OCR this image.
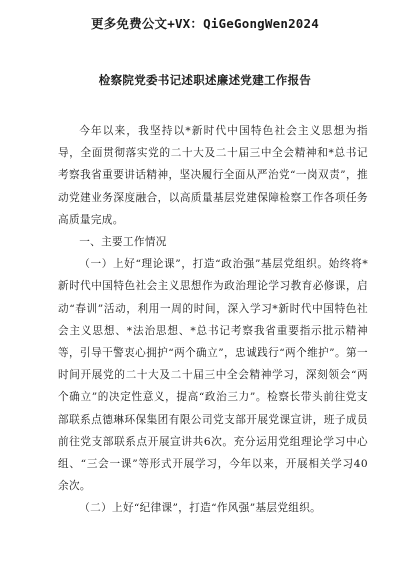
更多免费公文+VX：QiGeGongWen2024
检察院党委书记述职述廉述党建工作报告

今年以来，我坚持以*新时代中国特色社会主义思想为指导，全面贯彻落实党的二十大及二十届三中全会精神和*总书记考察我省重要讲话精神，坚决履行全面从严治党“一岗双责”，推动党建业务深度融合，以高质量基层党建保障检察工作各项任务高质量完成。

一、主要工作情况

（一）上好“理论课”，打造“政治强”基层党组织。始终将*新时代中国特色社会主义思想作为政治理论学习教育必修课，启动“春训”活动，利用一周的时间，深入学习*新时代中国特色社会主义思想、*法治思想、*总书记考察我省重要指示批示精神等，引导干警衷心拥护“两个确立”，忠诚践行“两个维护”。第一时间开展党的二十大及二十届三中全会精神学习，深刻领会“两个确立”的决定性意义，提高“政治三力”。检察长带头前往党支部联系点德琳环保集团有限公司党支部开展党课宣讲，班子成员前往党支部联系点开展宣讲共6次。充分运用党组理论学习中心组、“三会一课”等形式开展学习，今年以来，开展相关学习40余次。

（二）上好“纪律课”，打造“作风强”基层党组织。
